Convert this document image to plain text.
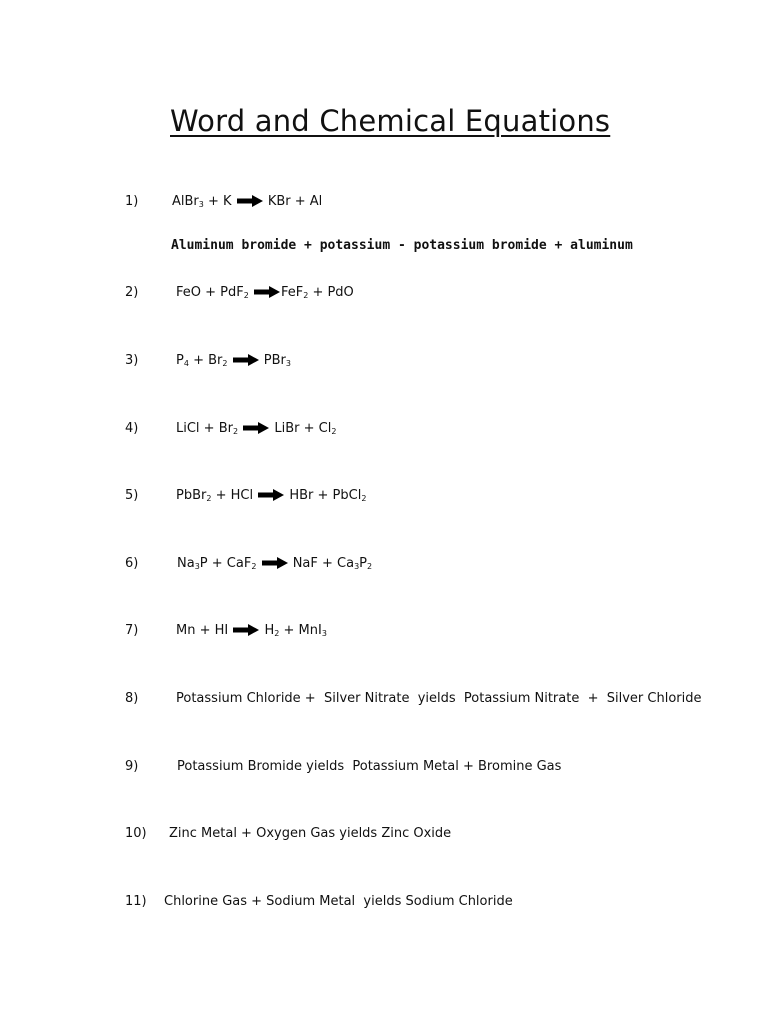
Word and Chemical Equations
1)	AlBr$_3$ + K	KBr + Al
Aluminum bromide + potassium - potassium bromide + aluminum
2)	FeO + PdF$_2$ FeF$_2$ + PdO
3)	$P_4 + Br_2$	PBr$_3$
4)	LiCl + $Br_2$	LiBr + $Cl_2$
5)	PbBr$_2$ + HCl	HBr + PbCl$_2$
6)	$Na_3P + CaF_2$	NaF + $Ca_3P_2$
7)	Mn + HI	$H_2 + MnI_3$
8)	Potassium Chloride +  Silver Nitrate  yields  Potassium Nitrate  +  Silver Chloride
9)	Potassium Bromide yields  Potassium Metal + Bromine Gas
10) Zinc Metal + Oxygen Gas yields Zinc Oxide
11) Chlorine Gas + Sodium Metal  yields Sodium Chloride
